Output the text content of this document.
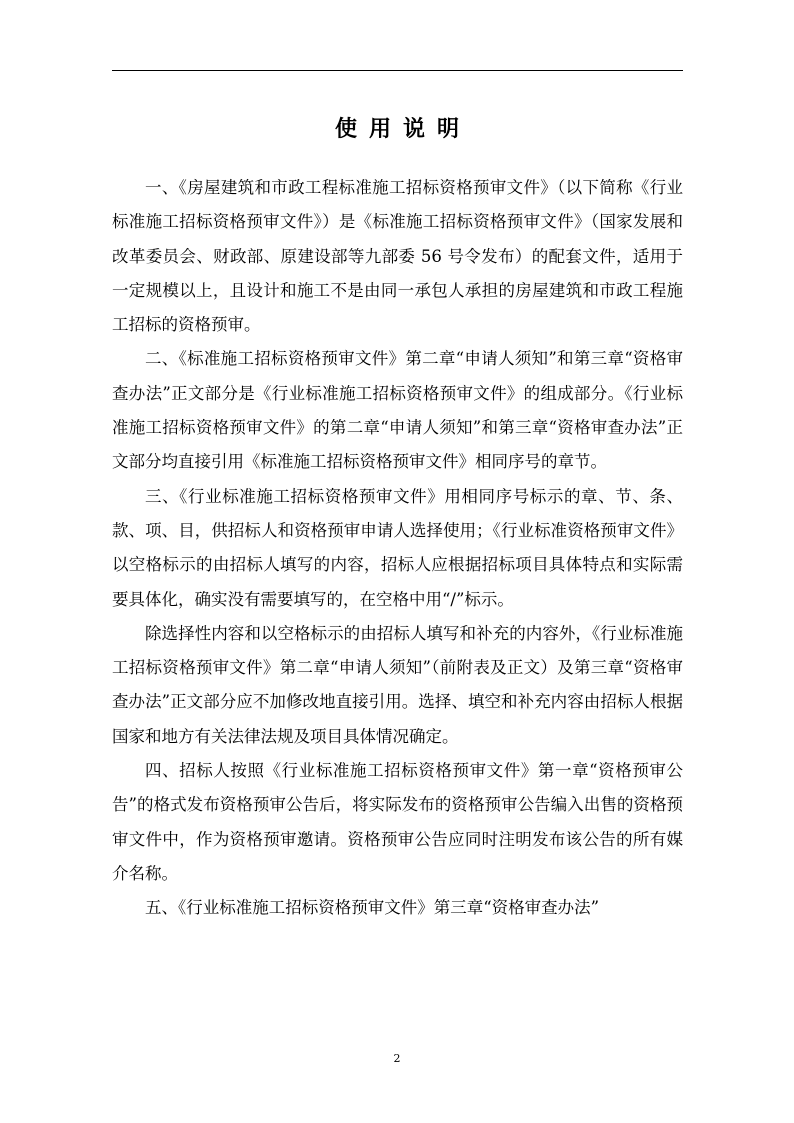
使用说明

一、《房屋建筑和市政工程标准施工招标资格预审文件》（以下简称《行业标准施工招标资格预审文件》）是《标准施工招标资格预审文件》（国家发展和改革委员会、财政部、原建设部等九部委 56 号令发布）的配套文件，适用于一定规模以上，且设计和施工不是由同一承包人承担的房屋建筑和市政工程施工招标的资格预审。

二、《标准施工招标资格预审文件》第二章“申请人须知”和第三章“资格审查办法”正文部分是《行业标准施工招标资格预审文件》的组成部分。《行业标准施工招标资格预审文件》的第二章“申请人须知”和第三章“资格审查办法”正文部分均直接引用《标准施工招标资格预审文件》相同序号的章节。

三、《行业标准施工招标资格预审文件》用相同序号标示的章、节、条、款、项、目，供招标人和资格预审申请人选择使用；《行业标准资格预审文件》以空格标示的由招标人填写的内容，招标人应根据招标项目具体特点和实际需要具体化，确实没有需要填写的，在空格中用“/”标示。

除选择性内容和以空格标示的由招标人填写和补充的内容外，《行业标准施工招标资格预审文件》第二章“申请人须知”（前附表及正文）及第三章“资格审查办法”正文部分应不加修改地直接引用。选择、填空和补充内容由招标人根据国家和地方有关法律法规及项目具体情况确定。

四、招标人按照《行业标准施工招标资格预审文件》第一章“资格预审公告”的格式发布资格预审公告后，将实际发布的资格预审公告编入出售的资格预审文件中，作为资格预审邀请。资格预审公告应同时注明发布该公告的所有媒介名称。

五、《行业标准施工招标资格预审文件》第三章“资格审查办法”

2
